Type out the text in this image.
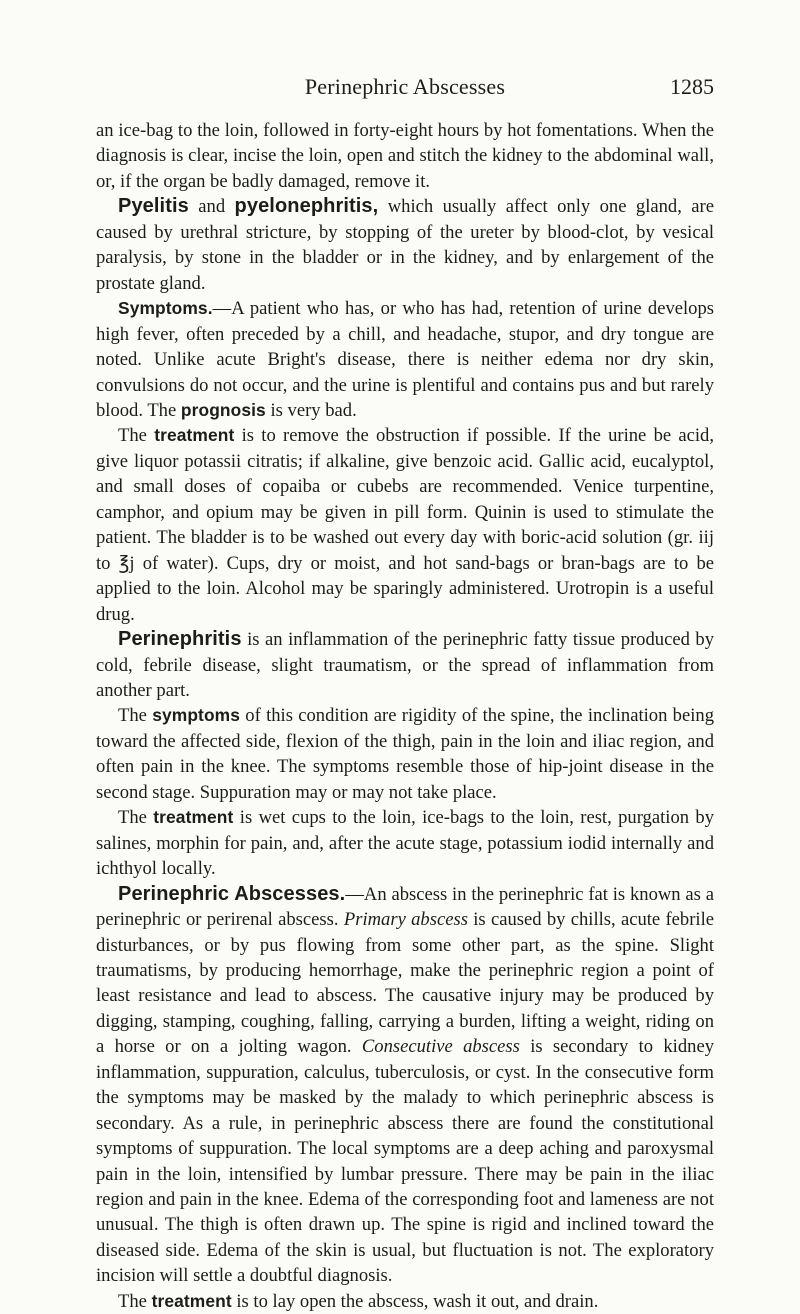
Perinephric Abscesses	1285

an ice-bag to the loin, followed in forty-eight hours by hot fomentations. When the diagnosis is clear, incise the loin, open and stitch the kidney to the abdominal wall, or, if the organ be badly damaged, remove it.

Pyelitis and pyelonephritis, which usually affect only one gland, are caused by urethral stricture, by stopping of the ureter by blood-clot, by vesical paralysis, by stone in the bladder or in the kidney, and by enlargement of the prostate gland.

Symptoms.—A patient who has, or who has had, retention of urine develops high fever, often preceded by a chill, and headache, stupor, and dry tongue are noted. Unlike acute Bright's disease, there is neither edema nor dry skin, convulsions do not occur, and the urine is plentiful and contains pus and but rarely blood. The prognosis is very bad.

The treatment is to remove the obstruction if possible. If the urine be acid, give liquor potassii citratis; if alkaline, give benzoic acid. Gallic acid, eucalyptol, and small doses of copaiba or cubebs are recommended. Venice turpentine, camphor, and opium may be given in pill form. Quinin is used to stimulate the patient. The bladder is to be washed out every day with boric-acid solution (gr. iij to ℥j of water). Cups, dry or moist, and hot sand-bags or bran-bags are to be applied to the loin. Alcohol may be sparingly administered. Urotropin is a useful drug.

Perinephritis is an inflammation of the perinephric fatty tissue produced by cold, febrile disease, slight traumatism, or the spread of inflammation from another part.

The symptoms of this condition are rigidity of the spine, the inclination being toward the affected side, flexion of the thigh, pain in the loin and iliac region, and often pain in the knee. The symptoms resemble those of hip-joint disease in the second stage. Suppuration may or may not take place.

The treatment is wet cups to the loin, ice-bags to the loin, rest, purgation by salines, morphin for pain, and, after the acute stage, potassium iodid internally and ichthyol locally.

Perinephric Abscesses.—An abscess in the perinephric fat is known as a perinephric or perirenal abscess. Primary abscess is caused by chills, acute febrile disturbances, or by pus flowing from some other part, as the spine. Slight traumatisms, by producing hemorrhage, make the perinephric region a point of least resistance and lead to abscess. The causative injury may be produced by digging, stamping, coughing, falling, carrying a burden, lifting a weight, riding on a horse or on a jolting wagon. Consecutive abscess is secondary to kidney inflammation, suppuration, calculus, tuberculosis, or cyst. In the consecutive form the symptoms may be masked by the malady to which perinephric abscess is secondary. As a rule, in perinephric abscess there are found the constitutional symptoms of suppuration. The local symptoms are a deep aching and paroxysmal pain in the loin, intensified by lumbar pressure. There may be pain in the iliac region and pain in the knee. Edema of the corresponding foot and lameness are not unusual. The thigh is often drawn up. The spine is rigid and inclined toward the diseased side. Edema of the skin is usual, but fluctuation is not. The exploratory incision will settle a doubtful diagnosis.

The treatment is to lay open the abscess, wash it out, and drain.
